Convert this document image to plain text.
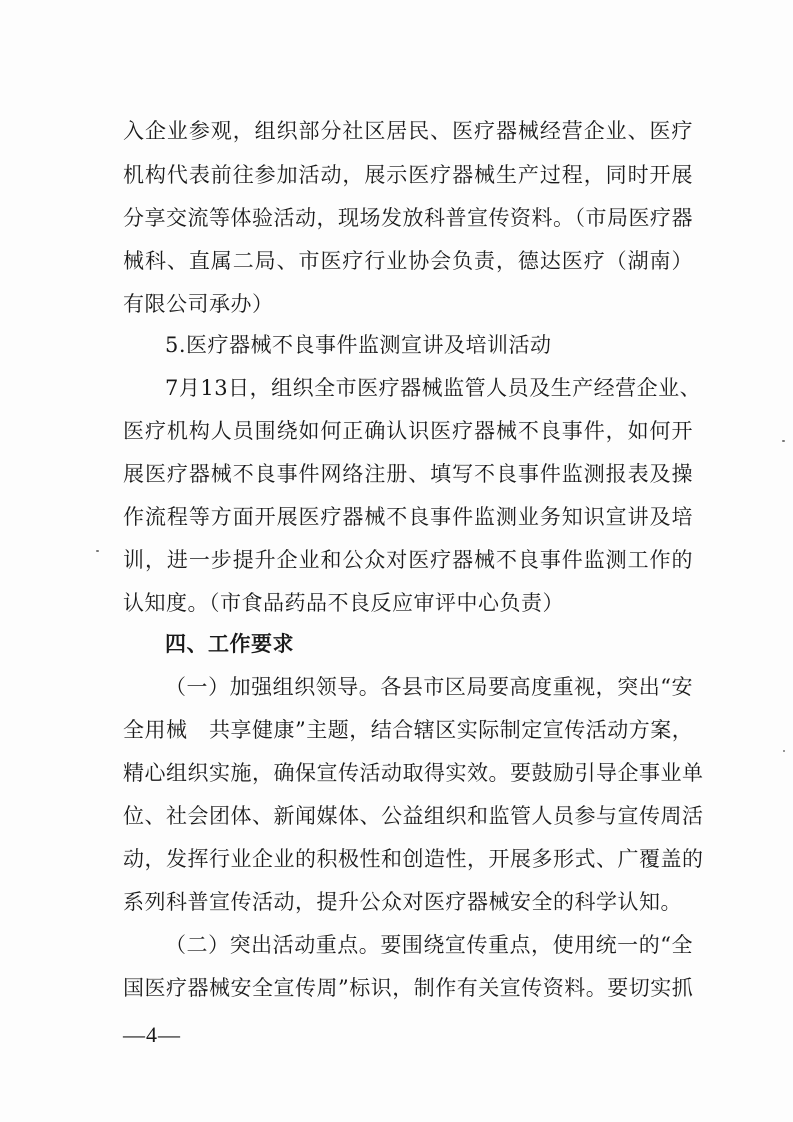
入企业参观，组织部分社区居民、医疗器械经营企业、医疗
机构代表前往参加活动，展示医疗器械生产过程，同时开展
分享交流等体验活动，现场发放科普宣传资料。（市局医疗器
械科、直属二局、市医疗行业协会负责，德达医疗（湖南）
有限公司承办）
5.医疗器械不良事件监测宣讲及培训活动
7月13日，组织全市医疗器械监管人员及生产经营企业、
医疗机构人员围绕如何正确认识医疗器械不良事件，如何开
展医疗器械不良事件网络注册、填写不良事件监测报表及操
作流程等方面开展医疗器械不良事件监测业务知识宣讲及培
训，进一步提升企业和公众对医疗器械不良事件监测工作的
认知度。（市食品药品不良反应审评中心负责）
四、工作要求
（一）加强组织领导。各县市区局要高度重视，突出“安
全用械　共享健康”主题，结合辖区实际制定宣传活动方案，
精心组织实施，确保宣传活动取得实效。要鼓励引导企事业单
位、社会团体、新闻媒体、公益组织和监管人员参与宣传周活
动，发挥行业企业的积极性和创造性，开展多形式、广覆盖的
系列科普宣传活动，提升公众对医疗器械安全的科学认知。
（二）突出活动重点。要围绕宣传重点，使用统一的“全
国医疗器械安全宣传周”标识，制作有关宣传资料。要切实抓
—4—
